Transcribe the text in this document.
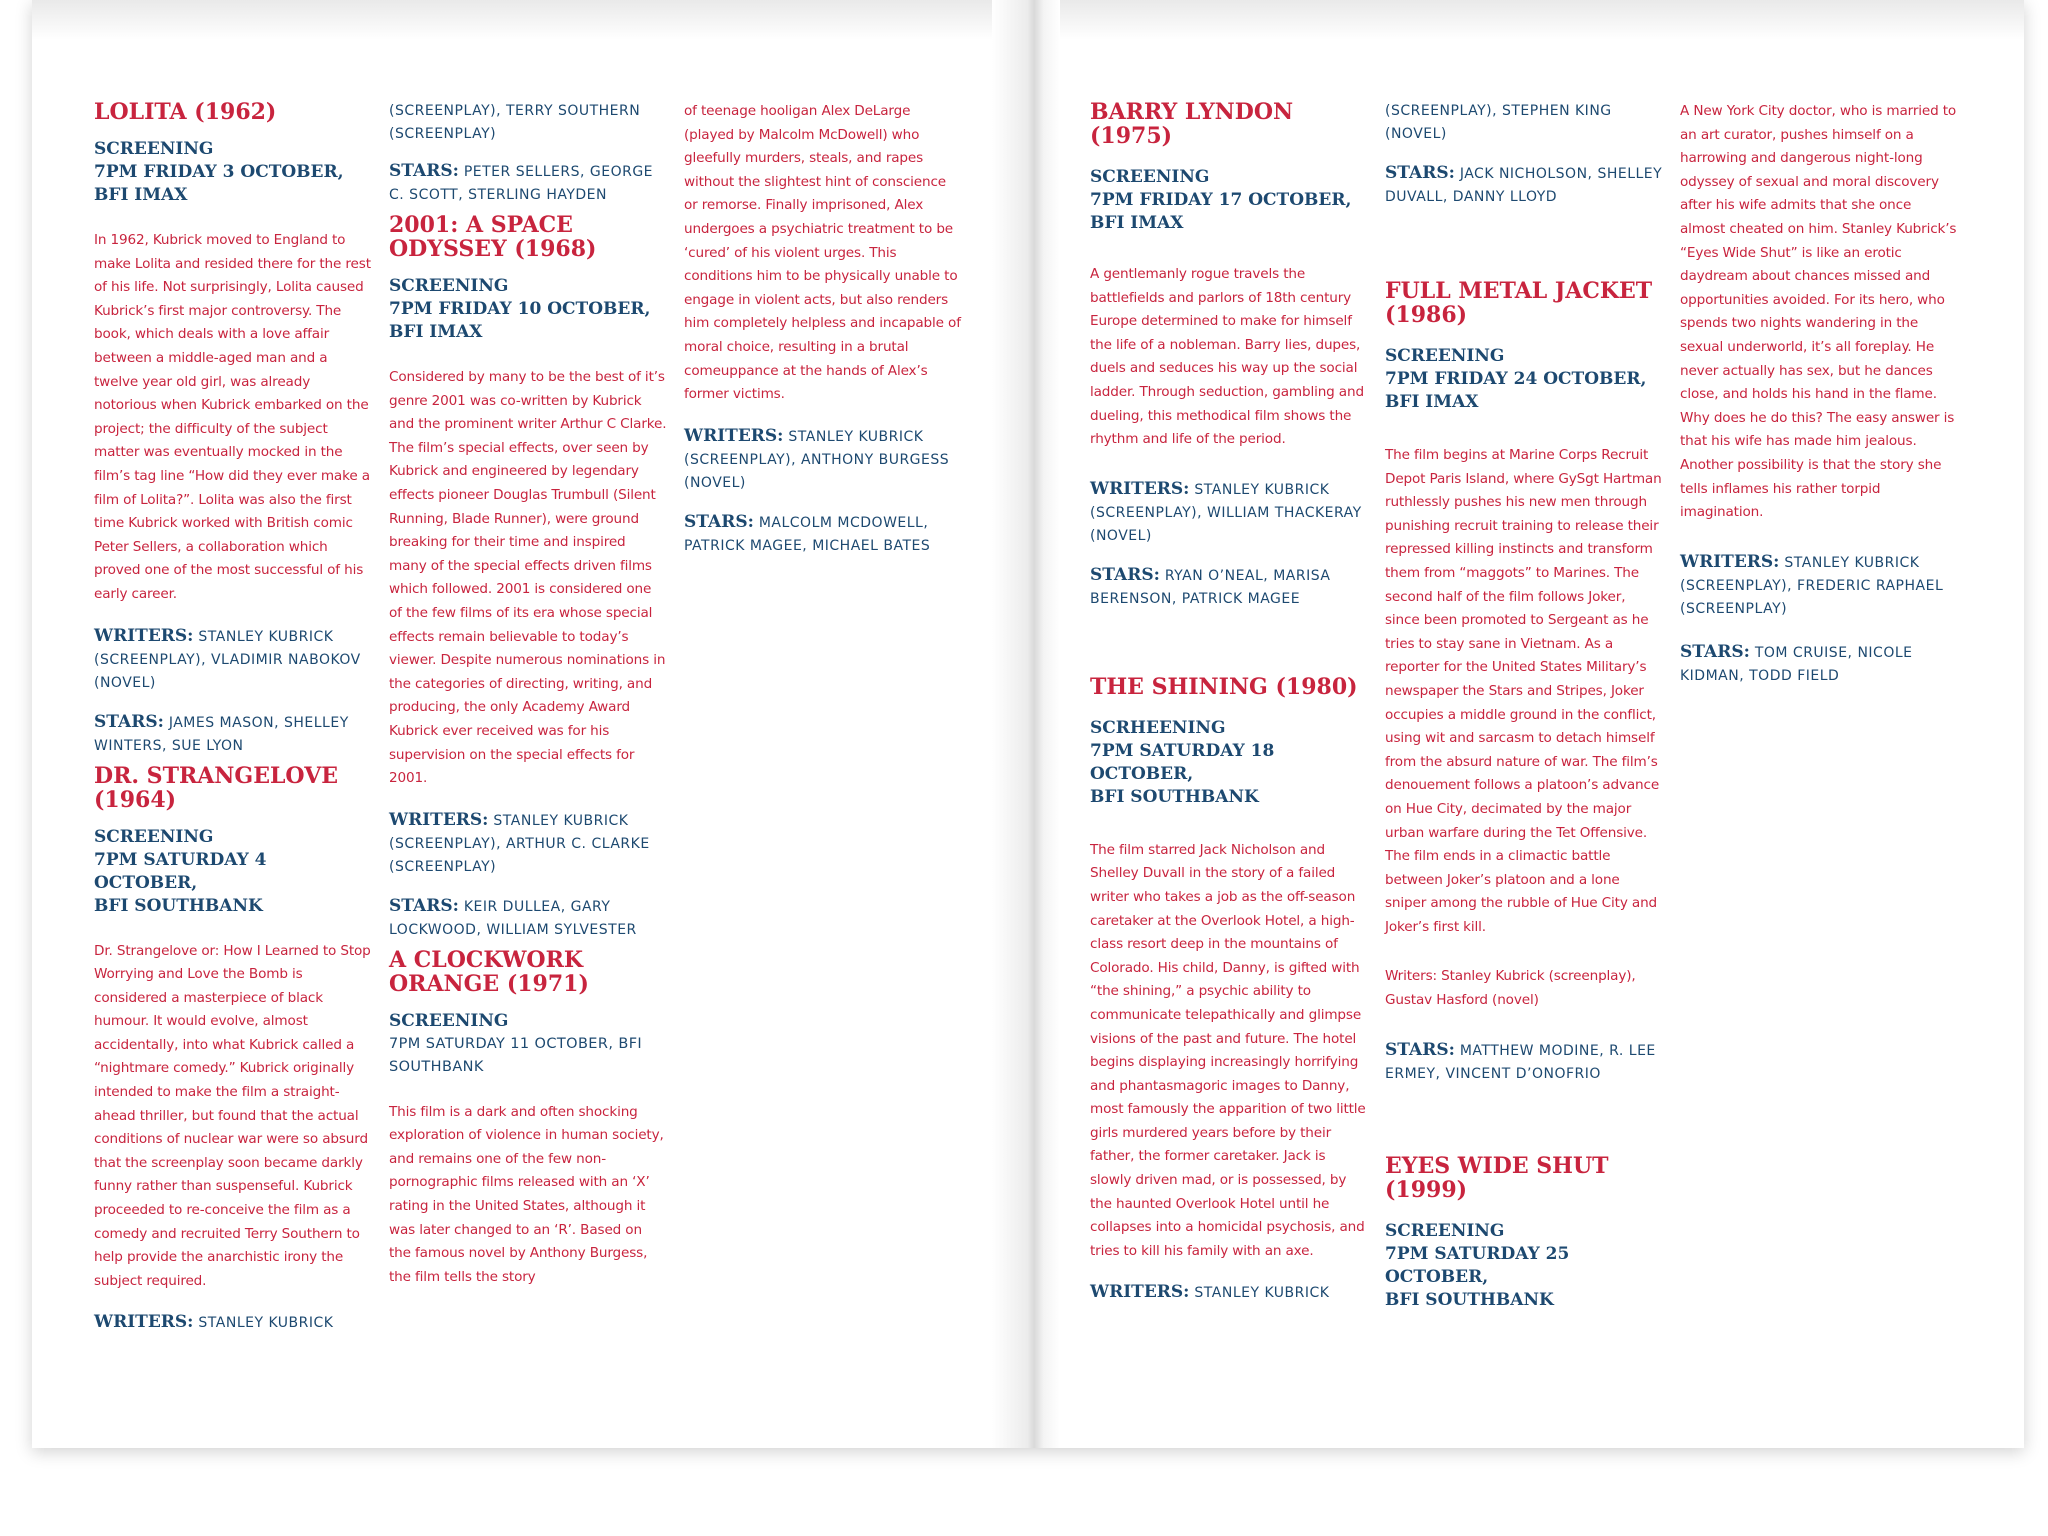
LOLITA (1962)
SCREENING
7PM FRIDAY 3 OCTOBER,
BFI IMAX

In 1962, Kubrick moved to England to make Lolita and resided there for the rest of his life. Not surprisingly, Lolita caused Kubrick’s first major controversy. The book, which deals with a love affair between a middle-aged man and a twelve year old girl, was already notorious when Kubrick embarked on the project; the difficulty of the subject matter was eventually mocked in the film’s tag line “How did they ever make a film of Lolita?”. Lolita was also the first time Kubrick worked with British comic Peter Sellers, a collaboration which proved one of the most successful of his early career.

WRITERS: STANLEY KUBRICK (SCREENPLAY), VLADIMIR NABOKOV (NOVEL)

STARS: JAMES MASON, SHELLEY WINTERS, SUE LYON

DR. STRANGELOVE (1964)
SCREENING
7PM SATURDAY 4 OCTOBER,
BFI SOUTHBANK

Dr. Strangelove or: How I Learned to Stop Worrying and Love the Bomb is considered a masterpiece of black humour. It would evolve, almost accidentally, into what Kubrick called a “nightmare comedy.” Kubrick originally intended to make the film a straight-ahead thriller, but found that the actual conditions of nuclear war were so absurd that the screenplay soon became darkly funny rather than suspenseful. Kubrick proceeded to re-conceive the film as a comedy and recruited Terry Southern to help provide the anarchistic irony the subject required.

WRITERS: STANLEY KUBRICK

(SCREENPLAY), TERRY SOUTHERN (SCREENPLAY)

STARS: PETER SELLERS, GEORGE C. SCOTT, STERLING HAYDEN

2001: A SPACE ODYSSEY (1968)
SCREENING
7PM FRIDAY 10 OCTOBER,
BFI IMAX

Considered by many to be the best of it’s genre 2001 was co-written by Kubrick and the prominent writer Arthur C Clarke. The film’s special effects, over seen by Kubrick and engineered by legendary effects pioneer Douglas Trumbull (Silent Running, Blade Runner), were ground breaking for their time and inspired many of the special effects driven films which followed. 2001 is considered one of the few films of its era whose special effects remain believable to today’s viewer. Despite numerous nominations in the categories of directing, writing, and producing, the only Academy Award Kubrick ever received was for his supervision on the special effects for 2001.

WRITERS: STANLEY KUBRICK (SCREENPLAY), ARTHUR C. CLARKE (SCREENPLAY)

STARS: KEIR DULLEA, GARY LOCKWOOD, WILLIAM SYLVESTER

A CLOCKWORK ORANGE (1971)
SCREENING
7PM SATURDAY 11 OCTOBER, BFI SOUTHBANK

This film is a dark and often shocking exploration of violence in human society, and remains one of the few non-pornographic films released with an ‘X’ rating in the United States, although it was later changed to an ‘R’. Based on the famous novel by Anthony Burgess, the film tells the story

of teenage hooligan Alex DeLarge (played by Malcolm McDowell) who gleefully murders, steals, and rapes without the slightest hint of conscience or remorse. Finally imprisoned, Alex undergoes a psychiatric treatment to be ‘cured’ of his violent urges. This conditions him to be physically unable to engage in violent acts, but also renders him completely helpless and incapable of moral choice, resulting in a brutal comeuppance at the hands of Alex’s former victims.

WRITERS: STANLEY KUBRICK (SCREENPLAY), ANTHONY BURGESS (NOVEL)

STARS: MALCOLM MCDOWELL, PATRICK MAGEE, MICHAEL BATES

BARRY LYNDON (1975)
SCREENING
7PM FRIDAY 17 OCTOBER,
BFI IMAX

A gentlemanly rogue travels the battlefields and parlors of 18th century Europe determined to make for himself the life of a nobleman. Barry lies, dupes, duels and seduces his way up the social ladder. Through seduction, gambling and dueling, this methodical film shows the rhythm and life of the period.

WRITERS: STANLEY KUBRICK (SCREENPLAY), WILLIAM THACKERAY (NOVEL)

STARS: RYAN O’NEAL, MARISA BERENSON, PATRICK MAGEE

THE SHINING (1980)
SCRHEENING
7PM SATURDAY 18 OCTOBER,
BFI SOUTHBANK

The film starred Jack Nicholson and Shelley Duvall in the story of a failed writer who takes a job as the off-season caretaker at the Overlook Hotel, a high-class resort deep in the mountains of Colorado. His child, Danny, is gifted with “the shining,” a psychic ability to communicate telepathically and glimpse visions of the past and future. The hotel begins displaying increasingly horrifying and phantasmagoric images to Danny, most famously the apparition of two little girls murdered years before by their father, the former caretaker. Jack is slowly driven mad, or is possessed, by the haunted Overlook Hotel until he collapses into a homicidal psychosis, and tries to kill his family with an axe.

WRITERS: STANLEY KUBRICK

(SCREENPLAY), STEPHEN KING (NOVEL)

STARS: JACK NICHOLSON, SHELLEY DUVALL, DANNY LLOYD

FULL METAL JACKET (1986)
SCREENING
7PM FRIDAY 24 OCTOBER,
BFI IMAX

The film begins at Marine Corps Recruit Depot Paris Island, where GySgt Hartman ruthlessly pushes his new men through punishing recruit training to release their repressed killing instincts and transform them from “maggots” to Marines. The second half of the film follows Joker, since been promoted to Sergeant as he tries to stay sane in Vietnam. As a reporter for the United States Military’s newspaper the Stars and Stripes, Joker occupies a middle ground in the conflict, using wit and sarcasm to detach himself from the absurd nature of war. The film’s denouement follows a platoon’s advance on Hue City, decimated by the major urban warfare during the Tet Offensive. The film ends in a climactic battle between Joker’s platoon and a lone sniper among the rubble of Hue City and Joker’s first kill.

Writers: Stanley Kubrick (screenplay), Gustav Hasford (novel)

STARS: MATTHEW MODINE, R. LEE ERMEY, VINCENT D’ONOFRIO

EYES WIDE SHUT (1999)
SCREENING
7PM SATURDAY 25 OCTOBER,
BFI SOUTHBANK

A New York City doctor, who is married to an art curator, pushes himself on a harrowing and dangerous night-long odyssey of sexual and moral discovery after his wife admits that she once almost cheated on him. Stanley Kubrick’s “Eyes Wide Shut” is like an erotic daydream about chances missed and opportunities avoided. For its hero, who spends two nights wandering in the sexual underworld, it’s all foreplay. He never actually has sex, but he dances close, and holds his hand in the flame. Why does he do this? The easy answer is that his wife has made him jealous. Another possibility is that the story she tells inflames his rather torpid imagination.

WRITERS: STANLEY KUBRICK (SCREENPLAY), FREDERIC RAPHAEL (SCREENPLAY)

STARS: TOM CRUISE, NICOLE KIDMAN, TODD FIELD
